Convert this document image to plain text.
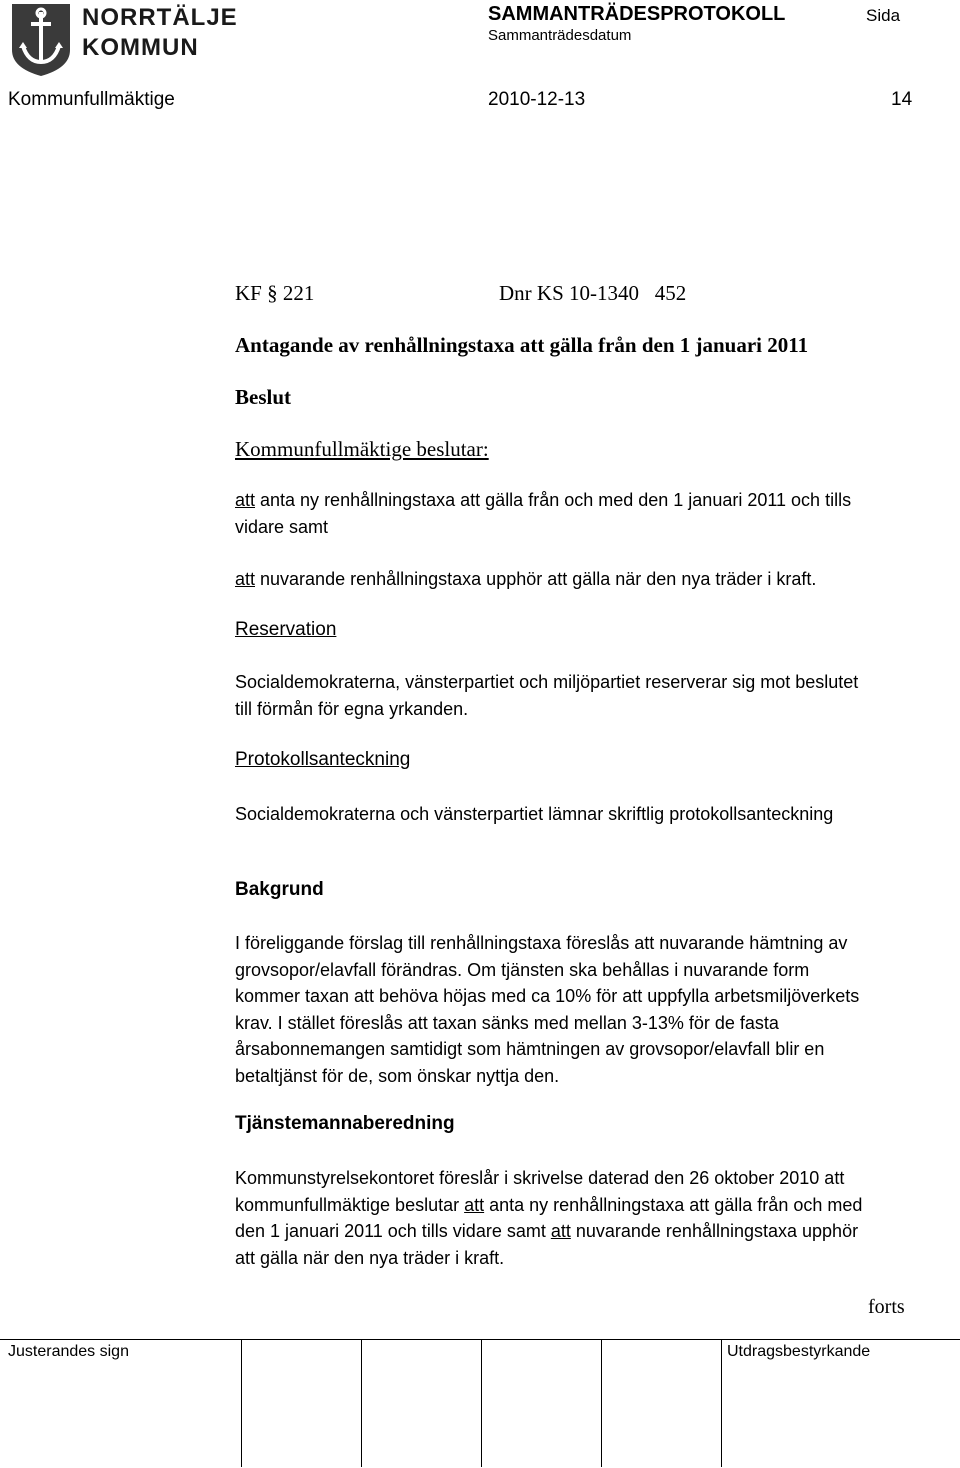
NORRTÄLJE
KOMMUN
SAMMANTRÄDESPROTOKOLL	Sida
Sammanträdesdatum
Kommunfullmäktige	2010-12-13	14
KF § 221	Dnr KS 10-1340   452
Antagande av renhållningstaxa att gälla från den 1 januari 2011
Beslut
Kommunfullmäktige beslutar:
att anta ny renhållningstaxa att gälla från och med den 1 januari 2011 och tills
vidare samt
att nuvarande renhållningstaxa upphör att gälla när den nya träder i kraft.
Reservation
Socialdemokraterna, vänsterpartiet och miljöpartiet reserverar sig mot beslutet
till förmån för egna yrkanden.
Protokollsanteckning
Socialdemokraterna och vänsterpartiet lämnar skriftlig protokollsanteckning
Bakgrund
I föreliggande förslag till renhållningstaxa föreslås att nuvarande hämtning av
grovsopor/elavfall förändras. Om tjänsten ska behållas i nuvarande form
kommer taxan att behöva höjas med ca 10% för att uppfylla arbetsmiljöverkets
krav. I stället föreslås att taxan sänks med mellan 3-13% för de fasta
årsabonnemangen samtidigt som hämtningen av grovsopor/elavfall blir en
betaltjänst för de, som önskar nyttja den.
Tjänstemannaberedning
Kommunstyrelsekontoret föreslår i skrivelse daterad den 26 oktober 2010 att
kommunfullmäktige beslutar att anta ny renhållningstaxa att gälla från och med
den 1 januari 2011 och tills vidare samt att nuvarande renhållningstaxa upphör
att gälla när den nya träder i kraft.
forts
Justerandes sign	Utdragsbestyrkande
